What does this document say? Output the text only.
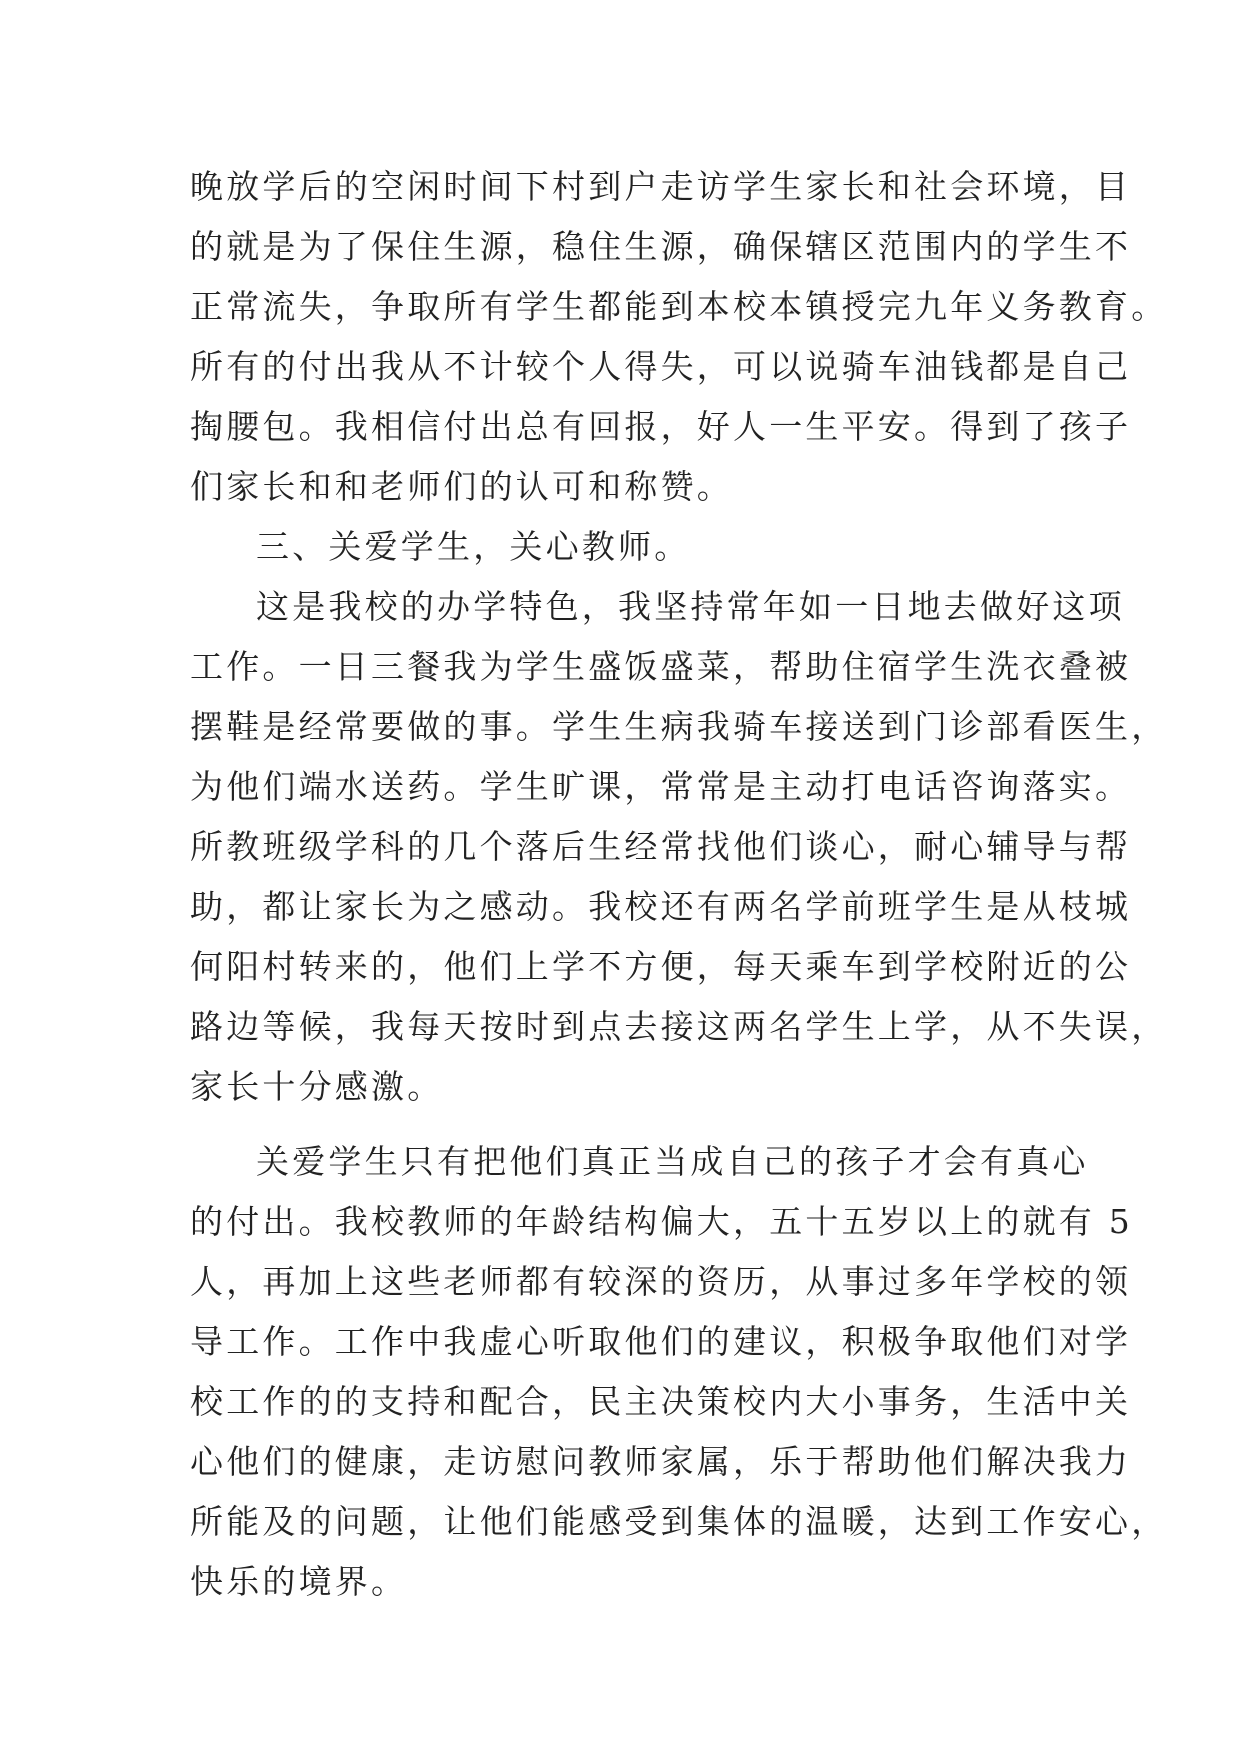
晚放学后的空闲时间下村到户走访学生家长和社会环境，目
的就是为了保住生源，稳住生源，确保辖区范围内的学生不
正常流失，争取所有学生都能到本校本镇授完九年义务教育。
所有的付出我从不计较个人得失，可以说骑车油钱都是自己
掏腰包。我相信付出总有回报，好人一生平安。得到了孩子
们家长和和老师们的认可和称赞。
三、关爱学生，关心教师。
这是我校的办学特色，我坚持常年如一日地去做好这项
工作。一日三餐我为学生盛饭盛菜，帮助住宿学生洗衣叠被
摆鞋是经常要做的事。学生生病我骑车接送到门诊部看医生，
为他们端水送药。学生旷课，常常是主动打电话咨询落实。
所教班级学科的几个落后生经常找他们谈心，耐心辅导与帮
助，都让家长为之感动。我校还有两名学前班学生是从枝城
何阳村转来的，他们上学不方便，每天乘车到学校附近的公
路边等候，我每天按时到点去接这两名学生上学，从不失误，
家长十分感激。
关爱学生只有把他们真正当成自己的孩子才会有真心
的付出。我校教师的年龄结构偏大，五十五岁以上的就有 5
人，再加上这些老师都有较深的资历，从事过多年学校的领
导工作。工作中我虚心听取他们的建议，积极争取他们对学
校工作的的支持和配合，民主决策校内大小事务，生活中关
心他们的健康，走访慰问教师家属，乐于帮助他们解决我力
所能及的问题，让他们能感受到集体的温暖，达到工作安心，
快乐的境界。
